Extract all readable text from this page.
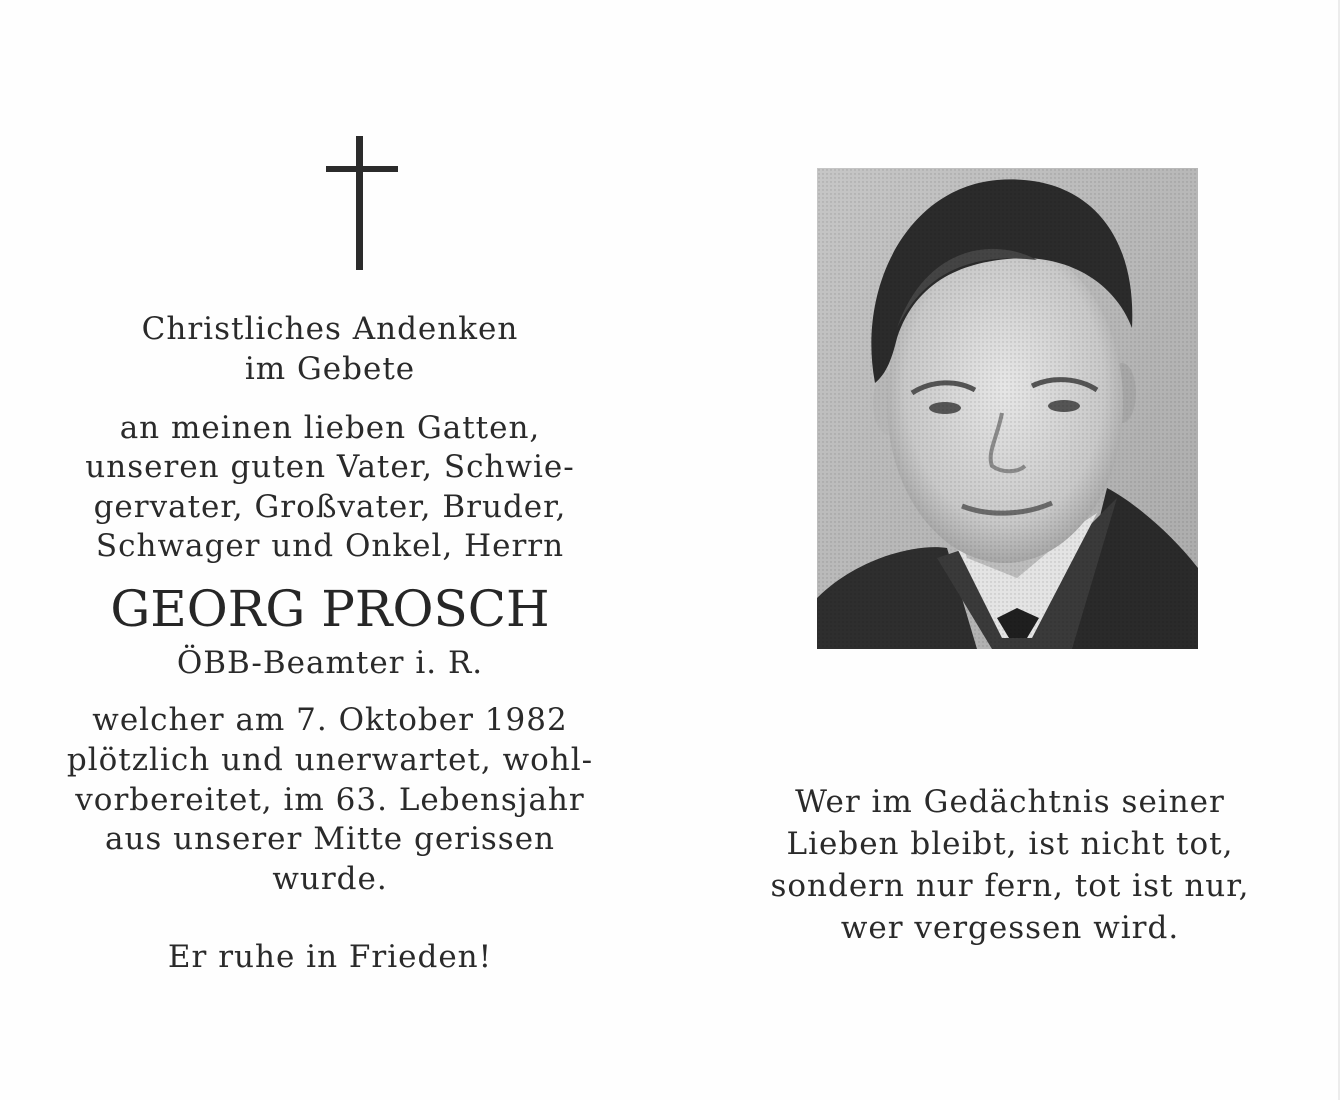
Christliches Andenken
im Gebete
an meinen lieben Gatten,
unseren guten Vater, Schwie-
gervater, Großvater, Bruder,
Schwager und Onkel, Herrn
GEORG PROSCH
ÖBB-Beamter i. R.
welcher am 7. Oktober 1982
plötzlich und unerwartet, wohl-
vorbereitet, im 63. Lebensjahr
aus unserer Mitte gerissen
wurde.
Er ruhe in Frieden!
Wer im Gedächtnis seiner
Lieben bleibt, ist nicht tot,
sondern nur fern, tot ist nur,
wer vergessen wird.
